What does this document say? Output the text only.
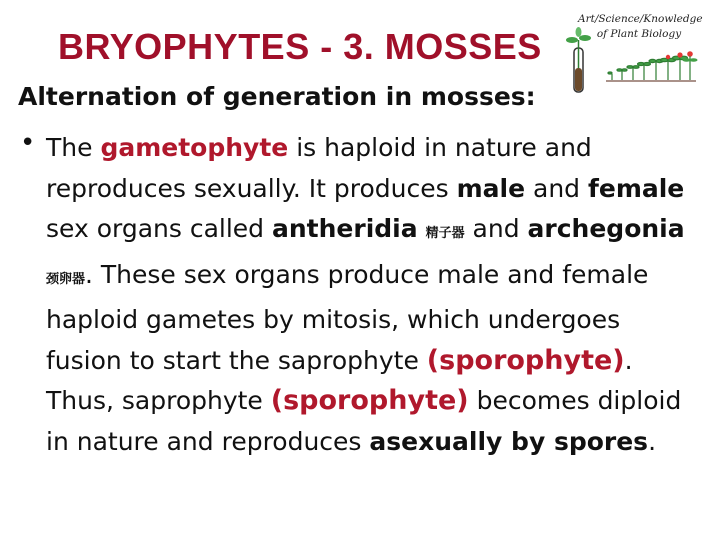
BRYOPHYTES - 3. MOSSES
Art/Science/Knowledge
of Plant Biology
Alternation of generation in mosses:
• The gametophyte is haploid in nature and reproduces sexually. It produces male and female sex organs called antheridia 精子器 and archegonia 颈卵器. These sex organs produce male and female haploid gametes by mitosis, which undergoes fusion to start the saprophyte (sporophyte). Thus, saprophyte (sporophyte) becomes diploid in nature and reproduces asexually by spores.
